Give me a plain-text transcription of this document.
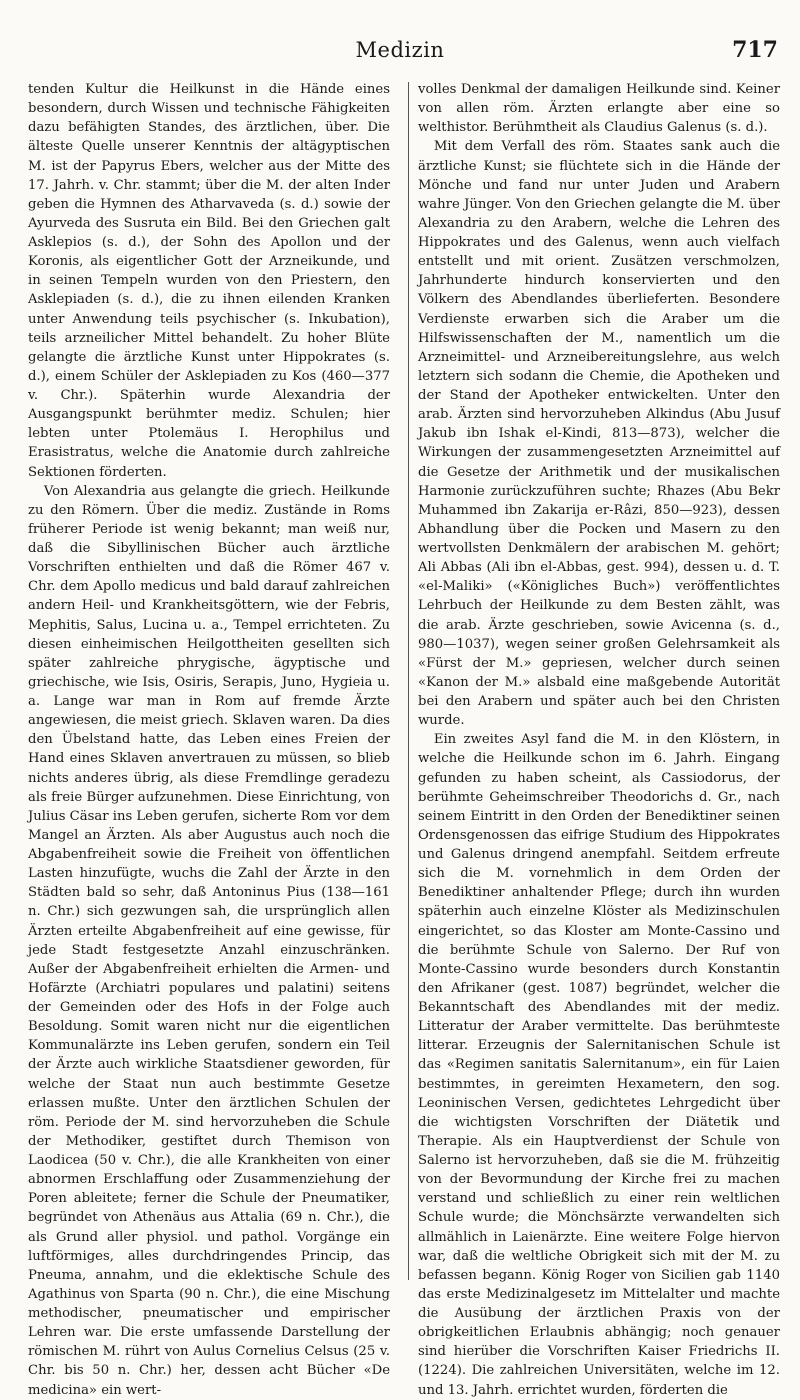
Medizin	717

tenden Kultur die Heilkunst in die Hände eines besondern, durch Wissen und technische Fähigkeiten dazu befähigten Standes, des ärztlichen, über. Die älteste Quelle unserer Kenntnis der altägyptischen M. ist der Papyrus Ebers, welcher aus der Mitte des 17. Jahrh. v. Chr. stammt; über die M. der alten Inder geben die Hymnen des Atharvaveda (s. d.) sowie der Ayurveda des Susruta ein Bild. Bei den Griechen galt Asklepios (s. d.), der Sohn des Apollon und der Koronis, als eigentlicher Gott der Arzneikunde, und in seinen Tempeln wurden von den Priestern, den Asklepiaden (s. d.), die zu ihnen eilenden Kranken unter Anwendung teils psychischer (s. Inkubation), teils arzneilicher Mittel behandelt. Zu hoher Blüte gelangte die ärztliche Kunst unter Hippokrates (s. d.), einem Schüler der Asklepiaden zu Kos (460—377 v. Chr.). Späterhin wurde Alexandria der Ausgangspunkt berühmter mediz. Schulen; hier lebten unter Ptolemäus I. Herophilus und Erasistratus, welche die Anatomie durch zahlreiche Sektionen förderten.

Von Alexandria aus gelangte die griech. Heilkunde zu den Römern. Über die mediz. Zustände in Roms früherer Periode ist wenig bekannt; man weiß nur, daß die Sibyllinischen Bücher auch ärztliche Vorschriften enthielten und daß die Römer 467 v. Chr. dem Apollo medicus und bald darauf zahlreichen andern Heil- und Krankheitsgöttern, wie der Febris, Mephitis, Salus, Lucina u. a., Tempel errichteten. Zu diesen einheimischen Heilgottheiten gesellten sich später zahlreiche phrygische, ägyptische und griechische, wie Isis, Osiris, Serapis, Juno, Hygieia u. a. Lange war man in Rom auf fremde Ärzte angewiesen, die meist griech. Sklaven waren. Da dies den Übelstand hatte, das Leben eines Freien der Hand eines Sklaven anvertrauen zu müssen, so blieb nichts anderes übrig, als diese Fremdlinge geradezu als freie Bürger aufzunehmen. Diese Einrichtung, von Julius Cäsar ins Leben gerufen, sicherte Rom vor dem Mangel an Ärzten. Als aber Augustus auch noch die Abgabenfreiheit sowie die Freiheit von öffentlichen Lasten hinzufügte, wuchs die Zahl der Ärzte in den Städten bald so sehr, daß Antoninus Pius (138—161 n. Chr.) sich gezwungen sah, die ursprünglich allen Ärzten erteilte Abgabenfreiheit auf eine gewisse, für jede Stadt festgesetzte Anzahl einzuschränken. Außer der Abgabenfreiheit erhielten die Armen- und Hofärzte (Archiatri populares und palatini) seitens der Gemeinden oder des Hofs in der Folge auch Besoldung. Somit waren nicht nur die eigentlichen Kommunalärzte ins Leben gerufen, sondern ein Teil der Ärzte auch wirkliche Staatsdiener geworden, für welche der Staat nun auch bestimmte Gesetze erlassen mußte. Unter den ärztlichen Schulen der röm. Periode der M. sind hervorzuheben die Schule der Methodiker, gestiftet durch Themison von Laodicea (50 v. Chr.), die alle Krankheiten von einer abnormen Erschlaffung oder Zusammenziehung der Poren ableitete; ferner die Schule der Pneumatiker, begründet von Athenäus aus Attalia (69 n. Chr.), die als Grund aller physiol. und pathol. Vorgänge ein luftförmiges, alles durchdringendes Princip, das Pneuma, annahm, und die eklektische Schule des Agathinus von Sparta (90 n. Chr.), die eine Mischung methodischer, pneumatischer und empirischer Lehren war. Die erste umfassende Darstellung der römischen M. rührt von Aulus Cornelius Celsus (25 v. Chr. bis 50 n. Chr.) her, dessen acht Bücher «De medicina» ein wert-

volles Denkmal der damaligen Heilkunde sind. Keiner von allen röm. Ärzten erlangte aber eine so welthistor. Berühmtheit als Claudius Galenus (s. d.).

Mit dem Verfall des röm. Staates sank auch die ärztliche Kunst; sie flüchtete sich in die Hände der Mönche und fand nur unter Juden und Arabern wahre Jünger. Von den Griechen gelangte die M. über Alexandria zu den Arabern, welche die Lehren des Hippokrates und des Galenus, wenn auch vielfach entstellt und mit orient. Zusätzen verschmolzen, Jahrhunderte hindurch konservierten und den Völkern des Abendlandes überlieferten. Besondere Verdienste erwarben sich die Araber um die Hilfswissenschaften der M., namentlich um die Arzneimittel- und Arzneibereitungslehre, aus welch letztern sich sodann die Chemie, die Apotheken und der Stand der Apotheker entwickelten. Unter den arab. Ärzten sind hervorzuheben Alkindus (Abu Jusuf Jakub ibn Ishak el-Kindi, 813—873), welcher die Wirkungen der zusammengesetzten Arzneimittel auf die Gesetze der Arithmetik und der musikalischen Harmonie zurückzuführen suchte; Rhazes (Abu Bekr Muhammed ibn Zakarija er-Râzi, 850—923), dessen Abhandlung über die Pocken und Masern zu den wertvollsten Denkmälern der arabischen M. gehört; Ali Abbas (Ali ibn el-Abbas, gest. 994), dessen u. d. T. «el-Maliki» («Königliches Buch») veröffentlichtes Lehrbuch der Heilkunde zu dem Besten zählt, was die arab. Ärzte geschrieben, sowie Avicenna (s. d., 980—1037), wegen seiner großen Gelehrsamkeit als «Fürst der M.» gepriesen, welcher durch seinen «Kanon der M.» alsbald eine maßgebende Autorität bei den Arabern und später auch bei den Christen wurde.

Ein zweites Asyl fand die M. in den Klöstern, in welche die Heilkunde schon im 6. Jahrh. Eingang gefunden zu haben scheint, als Cassiodorus, der berühmte Geheimschreiber Theodorichs d. Gr., nach seinem Eintritt in den Orden der Benediktiner seinen Ordensgenossen das eifrige Studium des Hippokrates und Galenus dringend anempfahl. Seitdem erfreute sich die M. vornehmlich in dem Orden der Benediktiner anhaltender Pflege; durch ihn wurden späterhin auch einzelne Klöster als Medizinschulen eingerichtet, so das Kloster am Monte-Cassino und die berühmte Schule von Salerno. Der Ruf von Monte-Cassino wurde besonders durch Konstantin den Afrikaner (gest. 1087) begründet, welcher die Bekanntschaft des Abendlandes mit der mediz. Litteratur der Araber vermittelte. Das berühmteste litterar. Erzeugnis der Salernitanischen Schule ist das «Regimen sanitatis Salernitanum», ein für Laien bestimmtes, in gereimten Hexametern, den sog. Leoninischen Versen, gedichtetes Lehrgedicht über die wichtigsten Vorschriften der Diätetik und Therapie. Als ein Hauptverdienst der Schule von Salerno ist hervorzuheben, daß sie die M. frühzeitig von der Bevormundung der Kirche frei zu machen verstand und schließlich zu einer rein weltlichen Schule wurde; die Mönchsärzte verwandelten sich allmählich in Laienärzte. Eine weitere Folge hiervon war, daß die weltliche Obrigkeit sich mit der M. zu befassen begann. König Roger von Sicilien gab 1140 das erste Medizinalgesetz im Mittelalter und machte die Ausübung der ärztlichen Praxis von der obrigkeitlichen Erlaubnis abhängig; noch genauer sind hierüber die Vorschriften Kaiser Friedrichs II. (1224). Die zahlreichen Universitäten, welche im 12. und 13. Jahrh. errichtet wurden, förderten die
